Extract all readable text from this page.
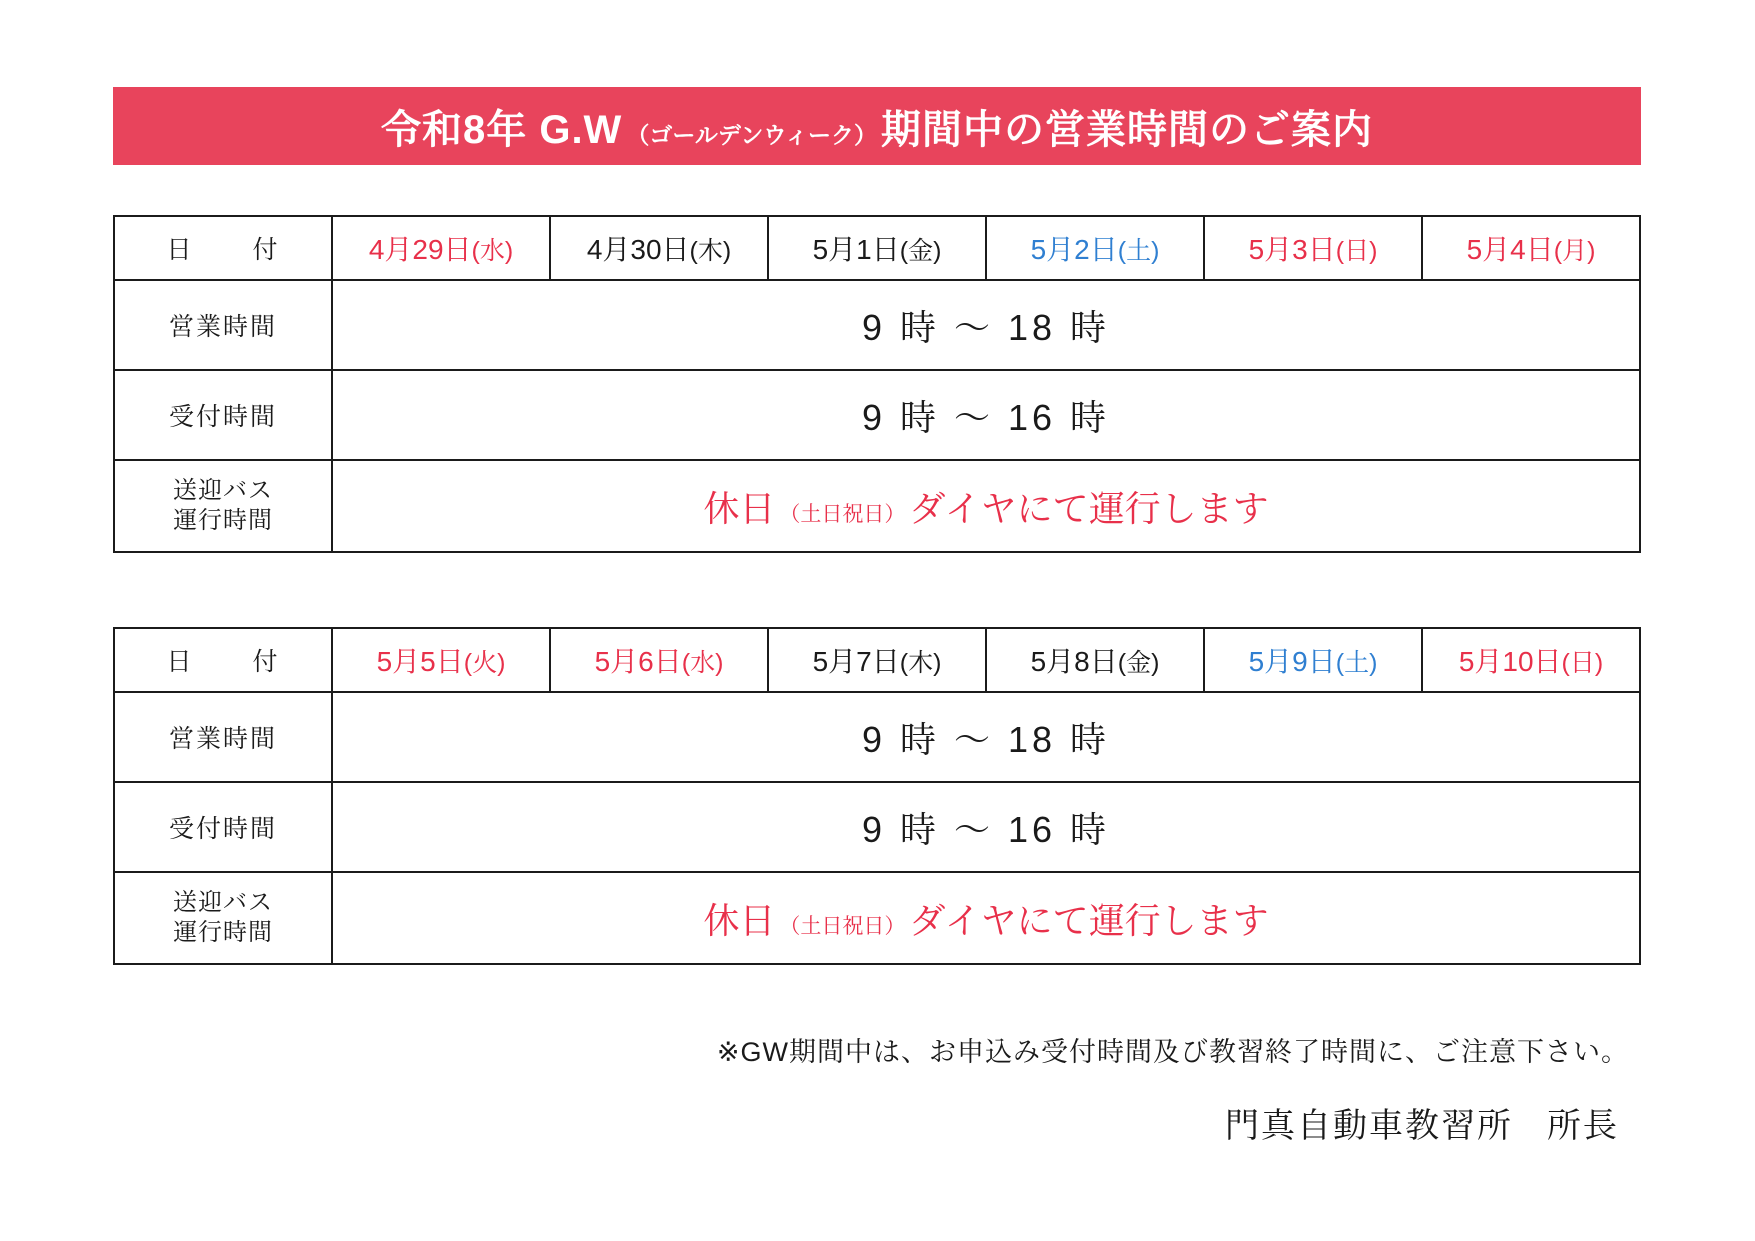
令和8年 G.W （ゴールデンウィーク） 期間中の営業時間のご案内
日　付	4月29日(水)	4月30日(木)	5月1日(金)	5月2日(土)	5月3日(日)	5月4日(月)
営業時間	9 時 ～ 18 時					
受付時間	9 時 ～ 16 時					

送迎バス
運行時間	休日 （土日祝日） ダイヤにて運行します					
日　付	5月5日(火)	5月6日(水)	5月7日(木)	5月8日(金)	5月9日(土)	5月10日(日)
営業時間	9 時 ～ 18 時					
受付時間	9 時 ～ 16 時					

送迎バス
運行時間	休日 （土日祝日） ダイヤにて運行します					
※GW期間中は、お申込み受付時間及び教習終了時間に、ご注意下さい。
門真自動車教習所 所長
